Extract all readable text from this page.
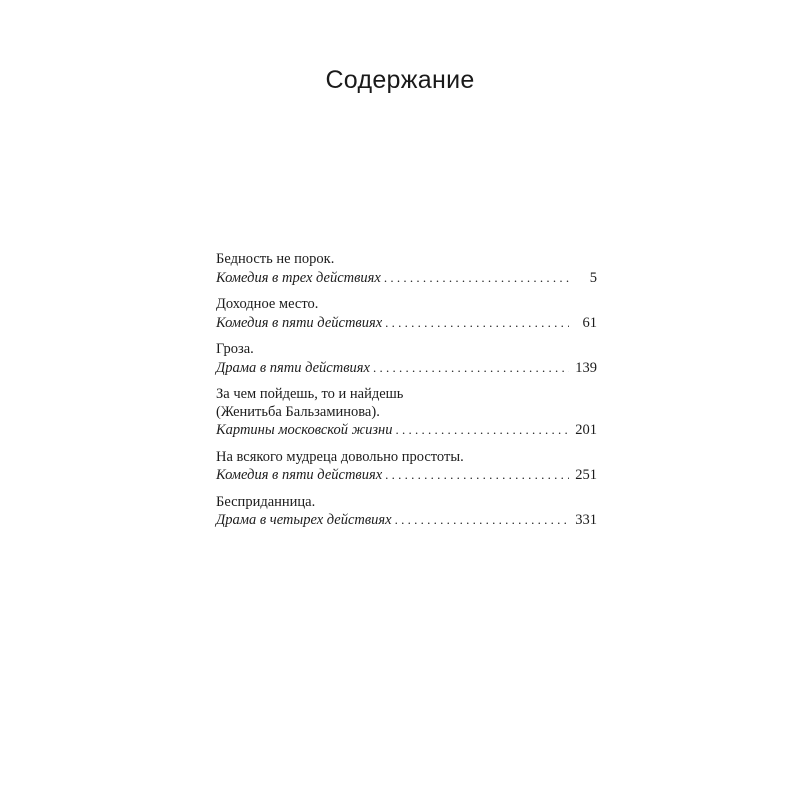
Содержание
Бедность не порок.
Комедия в трех действиях . . .	5
Доходное место.
Комедия в пяти действиях . . .	61
Гроза.
Драма в пяти действиях . . .	139
За чем пойдешь, то и найдешь
(Женитьба Бальзаминова).
Картины московской жизни . . .	201
На всякого мудреца довольно простоты.
Комедия в пяти действиях . . .	251
Бесприданница.
Драма в четырех действиях . . .	331
